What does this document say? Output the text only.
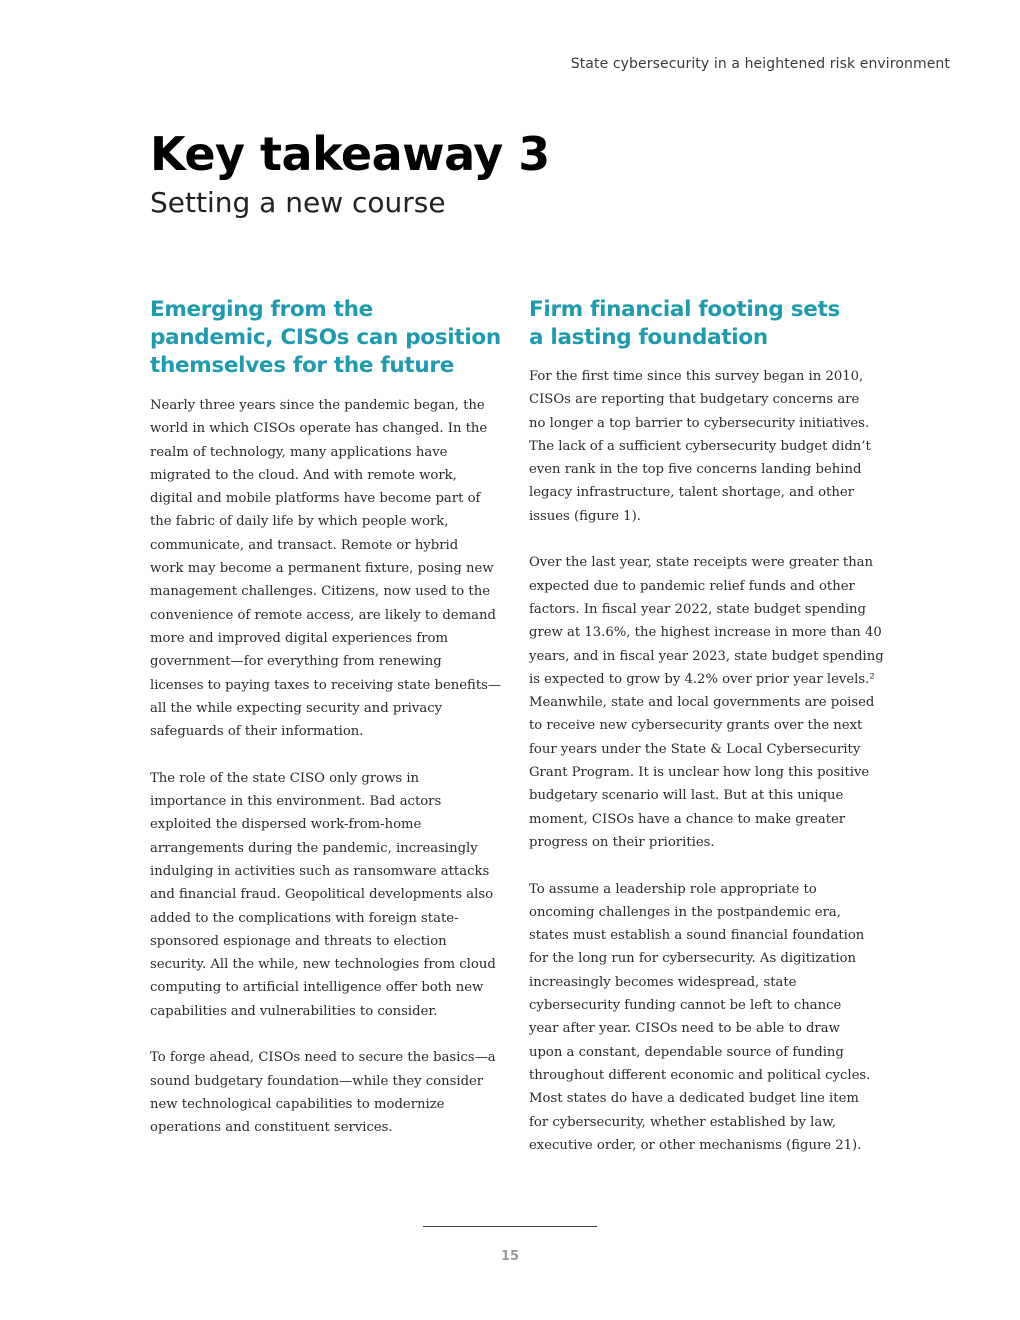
State cybersecurity in a heightened risk environment
Key takeaway 3
Setting a new course
Emerging from the
pandemic, CISOs can position
themselves for the future

Nearly three years since the pandemic began, the
world in which CISOs operate has changed. In the
realm of technology, many applications have
migrated to the cloud. And with remote work,
digital and mobile platforms have become part of
the fabric of daily life by which people work,
communicate, and transact. Remote or hybrid
work may become a permanent fixture, posing new
management challenges. Citizens, now used to the
convenience of remote access, are likely to demand
more and improved digital experiences from
government—for everything from renewing
licenses to paying taxes to receiving state benefits—
all the while expecting security and privacy
safeguards of their information.

The role of the state CISO only grows in
importance in this environment. Bad actors
exploited the dispersed work-from-home
arrangements during the pandemic, increasingly
indulging in activities such as ransomware attacks
and financial fraud. Geopolitical developments also
added to the complications with foreign state-
sponsored espionage and threats to election
security. All the while, new technologies from cloud
computing to artificial intelligence offer both new
capabilities and vulnerabilities to consider.

To forge ahead, CISOs need to secure the basics—a
sound budgetary foundation—while they consider
new technological capabilities to modernize
operations and constituent services.

Firm financial footing sets
a lasting foundation

For the first time since this survey began in 2010,
CISOs are reporting that budgetary concerns are
no longer a top barrier to cybersecurity initiatives.
The lack of a sufficient cybersecurity budget didn’t
even rank in the top five concerns landing behind
legacy infrastructure, talent shortage, and other
issues (figure 1).

Over the last year, state receipts were greater than
expected due to pandemic relief funds and other
factors. In fiscal year 2022, state budget spending
grew at 13.6%, the highest increase in more than 40
years, and in fiscal year 2023, state budget spending
is expected to grow by 4.2% over prior year levels.²
Meanwhile, state and local governments are poised
to receive new cybersecurity grants over the next
four years under the State & Local Cybersecurity
Grant Program. It is unclear how long this positive
budgetary scenario will last. But at this unique
moment, CISOs have a chance to make greater
progress on their priorities.

To assume a leadership role appropriate to
oncoming challenges in the postpandemic era,
states must establish a sound financial foundation
for the long run for cybersecurity. As digitization
increasingly becomes widespread, state
cybersecurity funding cannot be left to chance
year after year. CISOs need to be able to draw
upon a constant, dependable source of funding
throughout different economic and political cycles.
Most states do have a dedicated budget line item
for cybersecurity, whether established by law,
executive order, or other mechanisms (figure 21).

15
